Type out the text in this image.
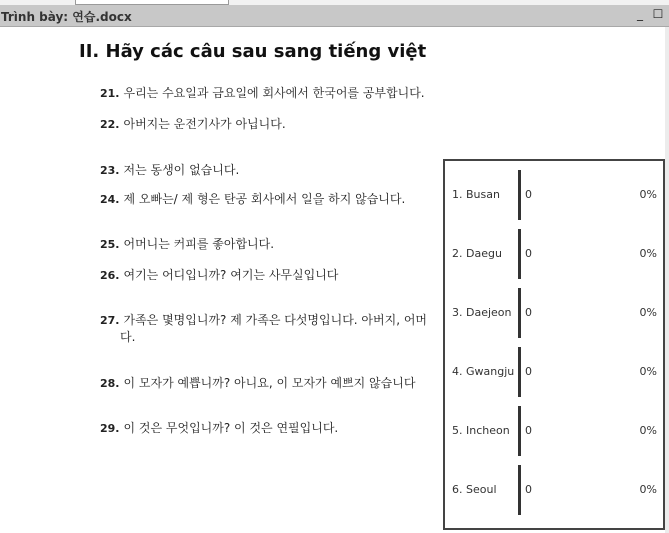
Trình bày: 연습.docx	_ ☐
II. Hãy các câu sau sang tiếng việt
21. 우리는 수요일과 금요일에 회사에서 한국어를 공부합니다.
22. 아버지는 운전기사가 아닙니다.
23. 저는 동생이 없습니다.
24. 제 오빠는/ 제 형은 탄공 회사에서 일을 하지 않습니다.
25. 어머니는 커피를 좋아합니다.
26. 여기는 어디입니까? 여기는 사무실입니다
27. 가족은 몇명입니까? 제 가족은 다섯명입니다. 아버지, 어머
다.
28. 이 모자가 예쁩니까? 아니요, 이 모자가 예쁘지 않습니다
29. 이 것은 무엇입니까? 이 것은 연필입니다.
1. Busan 0	0%
2. Daegu 0	0%
3. Daejeon 0	0%
4. Gwangju 0	0%
5. Incheon 0	0%
6. Seoul	0	0%
